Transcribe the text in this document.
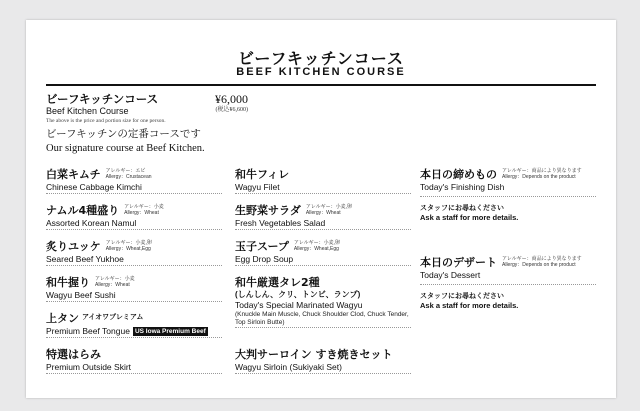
ビーフキッチンコース
BEEF KITCHEN COURSE
ビーフキッチンコース
Beef Kitchen Course
The above is the price and portion size for one person.
¥6,000
(税込¥6,600)
ビーフキッチンの定番コースです
Our signature course at Beef Kitchen.
白菜キムチ アレルギー：エビ
Allergy：Crustacean
Chinese Cabbage Kimchi
ナムル4種盛り アレルギー：小麦
Allergy：Wheat
Assorted Korean Namul
炙りユッケ アレルギー：小麦,卵
Allergy：Wheat,Egg
Seared Beef Yukhoe
和牛握り アレルギー：小麦
Allergy：Wheat
Wagyu Beef Sushi
上タン アイオワプレミアム
Premium Beef Tongue US Iowa Premium Beef
特選はらみ
Premium Outside Skirt
和牛フィレ
Wagyu Filet
生野菜サラダ アレルギー：小麦,卵
Allergy：Wheat
Fresh Vegetables Salad
玉子スープ アレルギー：小麦,卵
Allergy：Wheat,Egg
Egg Drop Soup
和牛厳選タレ2種
(しんしん、クリ、トンビ、ランプ)
Today's Special Marinated Wagyu
(Knuckle Main Muscle, Chuck Shoulder Clod, Chuck Tender, Top Sirloin Butte)
大判サーロイン すき焼きセット
Wagyu Sirloin (Sukiyaki Set)
本日の締めもの アレルギー：商品により異なります
Allergy：Depends on the product
Today's Finishing Dish
スタッフにお尋ねください
Ask a staff for more details.
本日のデザート アレルギー：商品により異なります
Allergy：Depends on the product
Today's Dessert
スタッフにお尋ねください
Ask a staff for more details.
